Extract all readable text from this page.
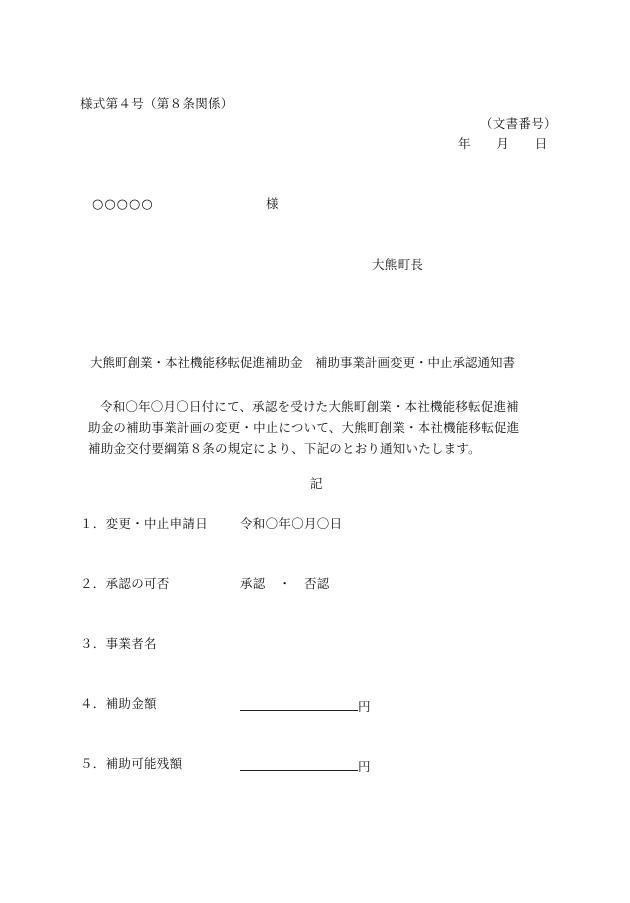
様式第４号（第８条関係）
（文書番号）
年　　月　　日
○○○○○	様
大熊町長
大熊町創業・本社機能移転促進補助金　補助事業計画変更・中止承認通知書
令和〇年〇月〇日付にて、承認を受けた大熊町創業・本社機能移転促進補
助金の補助事業計画の変更・中止について、大熊町創業・本社機能移転促進
補助金交付要綱第８条の規定により、下記のとおり通知いたします。
記
１．変更・中止申請日	令和〇年〇月〇日
２．承認の可否	承認　・　否認
３．事業者名
４．補助金額	円
５．補助可能残額	円
